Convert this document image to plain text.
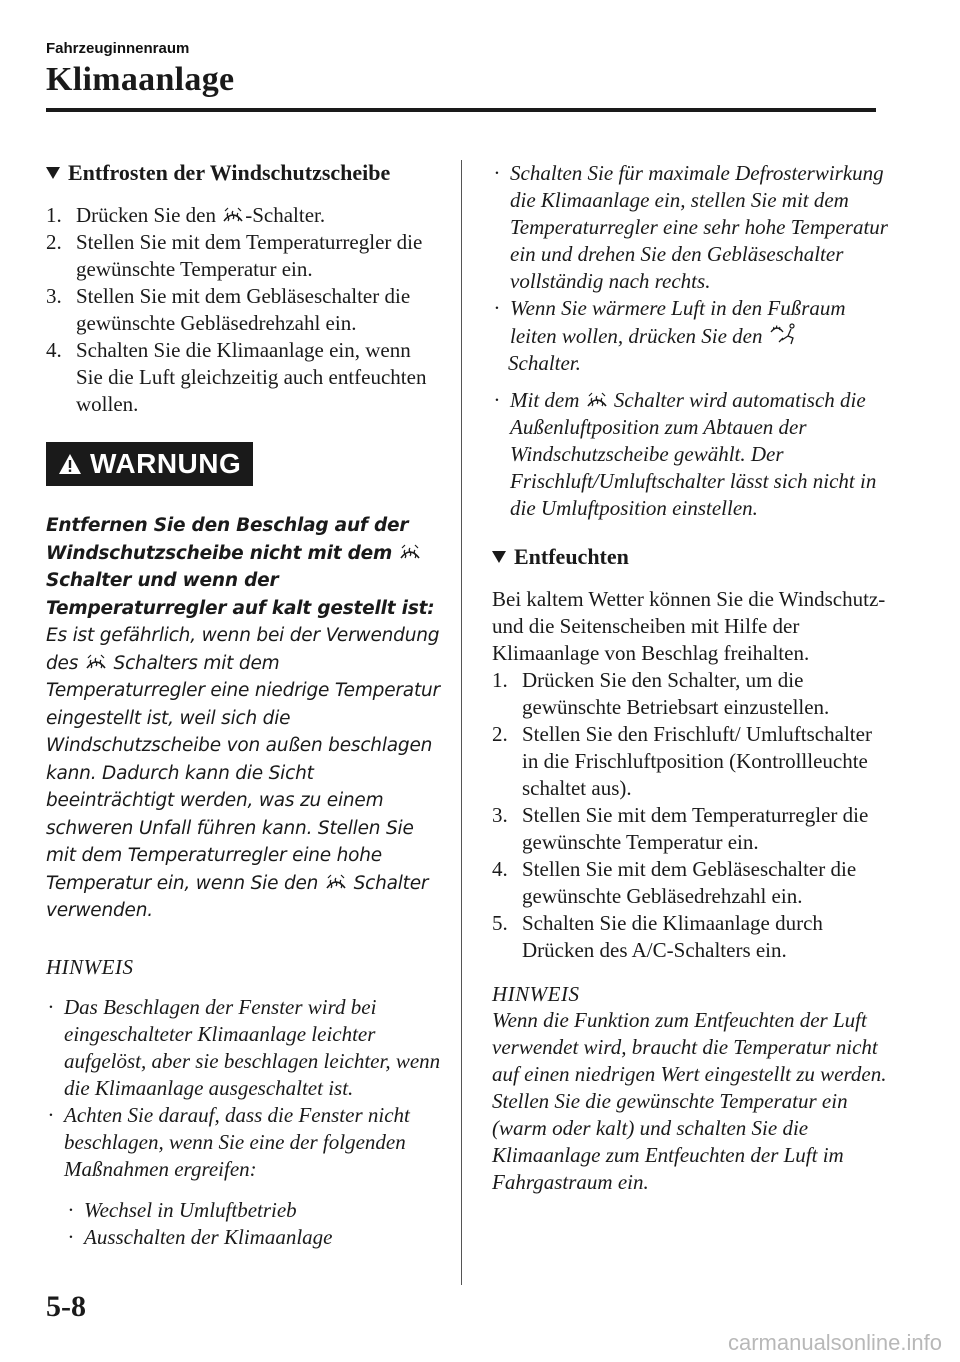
Fahrzeuginnenraum
Klimaanlage
Entfrosten der Windschutzscheibe
1. Drücken Sie den -Schalter.
2. Stellen Sie mit dem Temperaturregler die gewünschte Temperatur ein.
3. Stellen Sie mit dem Gebläseschalter die gewünschte Gebläsedrehzahl ein.
4. Schalten Sie die Klimaanlage ein, wenn Sie die Luft gleichzeitig auch entfeuchten wollen.
WARNUNG

Entfernen Sie den Beschlag auf der Windschutzscheibe nicht mit dem  Schalter und wenn der Temperaturregler auf kalt gestellt ist:

Es ist gefährlich, wenn bei der Verwendung des  Schalters mit dem Temperaturregler eine niedrige Temperatur eingestellt ist, weil sich die Windschutzscheibe von außen beschlagen kann. Dadurch kann die Sicht beeinträchtigt werden, was zu einem schweren Unfall führen kann. Stellen Sie mit dem Temperaturregler eine hohe Temperatur ein, wenn Sie den  Schalter verwenden.

HINWEIS
· Das Beschlagen der Fenster wird bei eingeschalteter Klimaanlage leichter aufgelöst, aber sie beschlagen leichter, wenn die Klimaanlage ausgeschaltet ist.
· Achten Sie darauf, dass die Fenster nicht beschlagen, wenn Sie eine der folgenden Maßnahmen ergreifen:
· Wechsel in Umluftbetrieb
· Ausschalten der Klimaanlage
· Schalten Sie für maximale Defrosterwirkung die Klimaanlage ein, stellen Sie mit dem Temperaturregler eine sehr hohe Temperatur ein und drehen Sie den Gebläseschalter vollständig nach rechts.
· Wenn Sie wärmere Luft in den Fußraum leiten wollen, drücken Sie den
Schalter.
· Mit dem  Schalter wird automatisch die Außenluftposition zum Abtauen der Windschutzscheibe gewählt. Der Frischluft/Umluftschalter lässt sich nicht in die Umluftposition einstellen.
Entfeuchten

Bei kaltem Wetter können Sie die Windschutz- und die Seitenscheiben mit Hilfe der Klimaanlage von Beschlag freihalten.

1. Drücken Sie den Schalter, um die gewünschte Betriebsart einzustellen.
2. Stellen Sie den Frischluft/ Umluftschalter in die Frischluftposition (Kontrollleuchte schaltet aus).
3. Stellen Sie mit dem Temperaturregler die gewünschte Temperatur ein.
4. Stellen Sie mit dem Gebläseschalter die gewünschte Gebläsedrehzahl ein.
5. Schalten Sie die Klimaanlage durch Drücken des A/C-Schalters ein.
HINWEIS

Wenn die Funktion zum Entfeuchten der Luft verwendet wird, braucht die Temperatur nicht auf einen niedrigen Wert eingestellt zu werden. Stellen Sie die gewünschte Temperatur ein (warm oder kalt) und schalten Sie die Klimaanlage zum Entfeuchten der Luft im Fahrgastraum ein.

5-8
carmanualsonline.info
